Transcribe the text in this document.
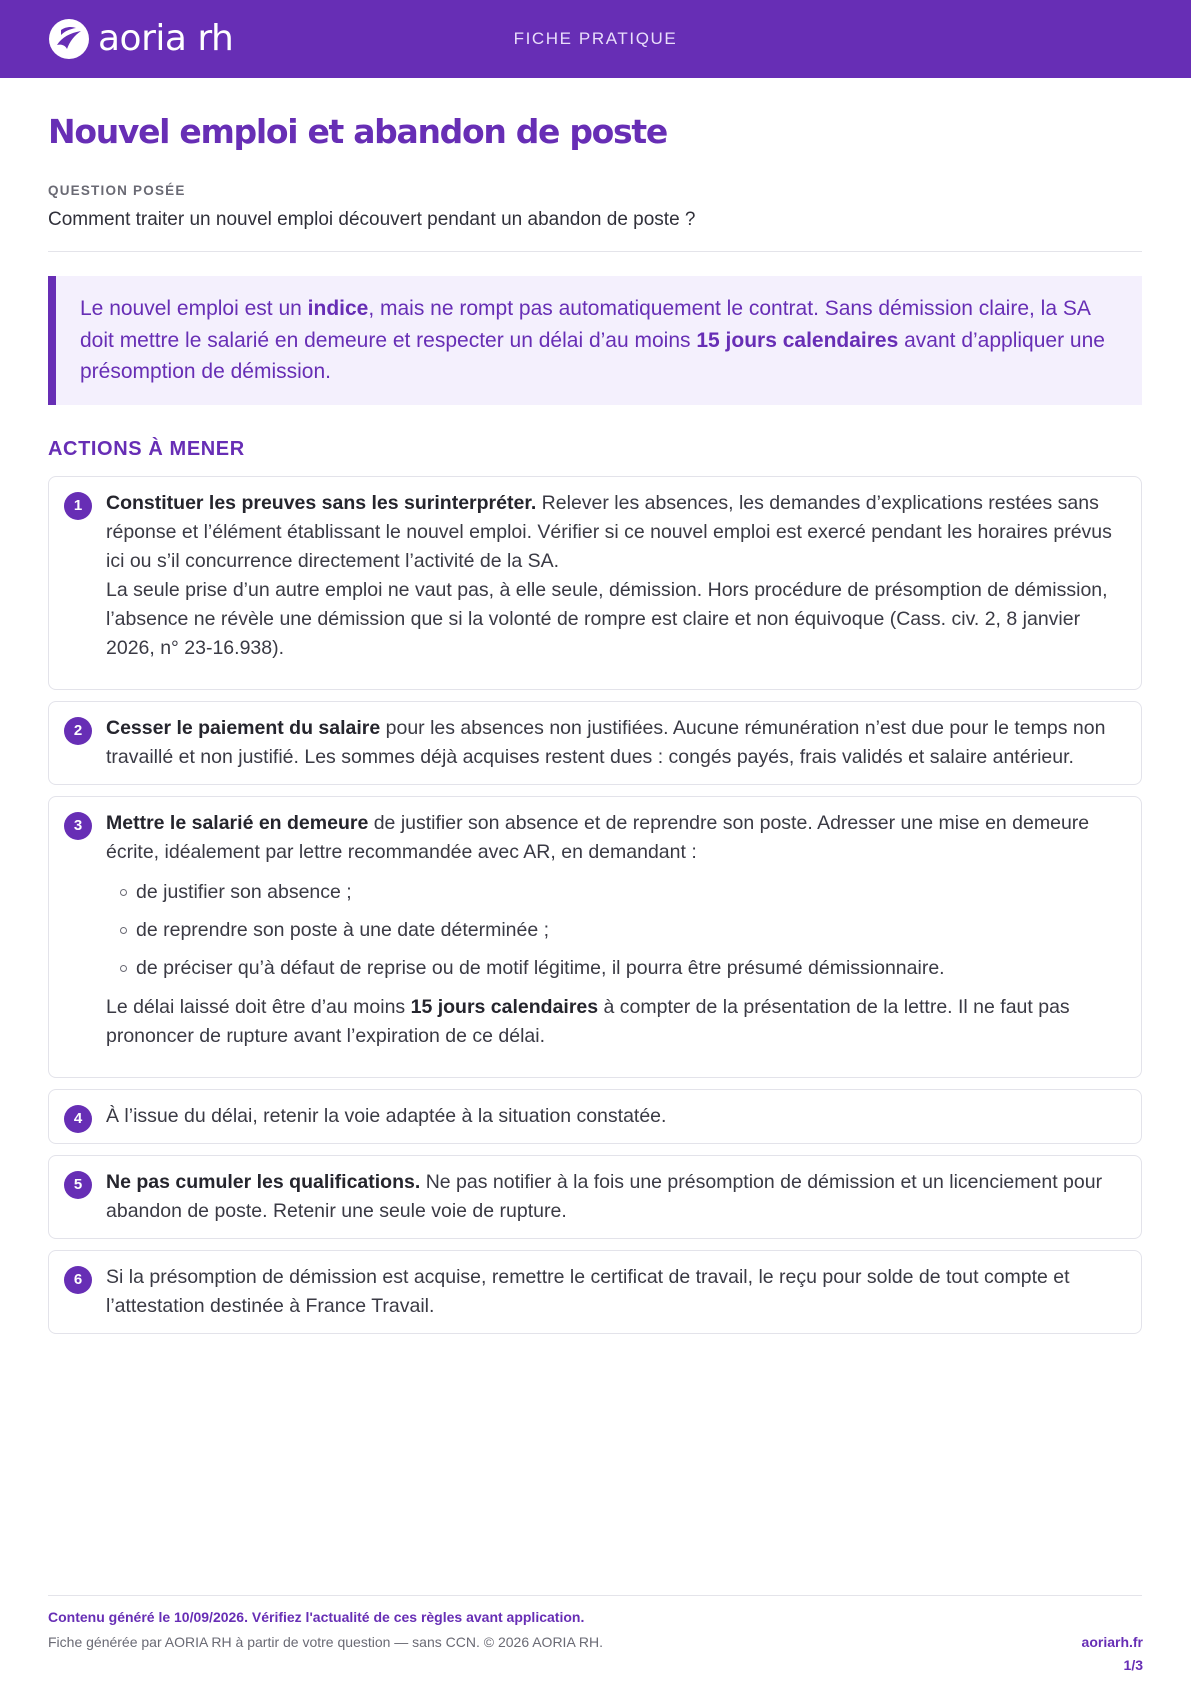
aoria rh	FICHE PRATIQUE
Nouvel emploi et abandon de poste
QUESTION POSÉE
Comment traiter un nouvel emploi découvert pendant un abandon de poste ?
Le nouvel emploi est un indice, mais ne rompt pas automatiquement le contrat. Sans démission claire, la SA doit mettre le salarié en demeure et respecter un délai d’au moins 15 jours calendaires avant d’appliquer une présomption de démission.
ACTIONS À MENER
1	Constituer les preuves sans les surinterpréter. Relever les absences, les demandes d’explications restées sans réponse et l’élément établissant le nouvel emploi. Vérifier si ce nouvel emploi est exercé pendant les horaires prévus ici ou s’il concurrence directement l’activité de la SA.

La seule prise d’un autre emploi ne vaut pas, à elle seule, démission. Hors procédure de présomption de démission, l’absence ne révèle une démission que si la volonté de rompre est claire et non équivoque (Cass. civ. 2, 8 janvier 2026, n° 23-16.938).

2	Cesser le paiement du salaire pour les absences non justifiées. Aucune rémunération n’est due pour le temps non travaillé et non justifié. Les sommes déjà acquises restent dues : congés payés, frais validés et salaire antérieur.

3	Mettre le salarié en demeure de justifier son absence et de reprendre son poste. Adresser une mise en demeure écrite, idéalement par lettre recommandée avec AR, en demandant :

de justifier son absence ;
de reprendre son poste à une date déterminée ;
de préciser qu’à défaut de reprise ou de motif légitime, il pourra être présumé démissionnaire.

Le délai laissé doit être d’au moins 15 jours calendaires à compter de la présentation de la lettre. Il ne faut pas prononcer de rupture avant l’expiration de ce délai.

4	À l’issue du délai, retenir la voie adaptée à la situation constatée.

5	Ne pas cumuler les qualifications. Ne pas notifier à la fois une présomption de démission et un licenciement pour abandon de poste. Retenir une seule voie de rupture.

6	Si la présomption de démission est acquise, remettre le certificat de travail, le reçu pour solde de tout compte et l’attestation destinée à France Travail.

Contenu généré le 10/09/2026. Vérifiez l'actualité de ces règles avant application.
Fiche générée par AORIA RH à partir de votre question — sans CCN. © 2026 AORIA RH.	aoriarh.fr
1/3
